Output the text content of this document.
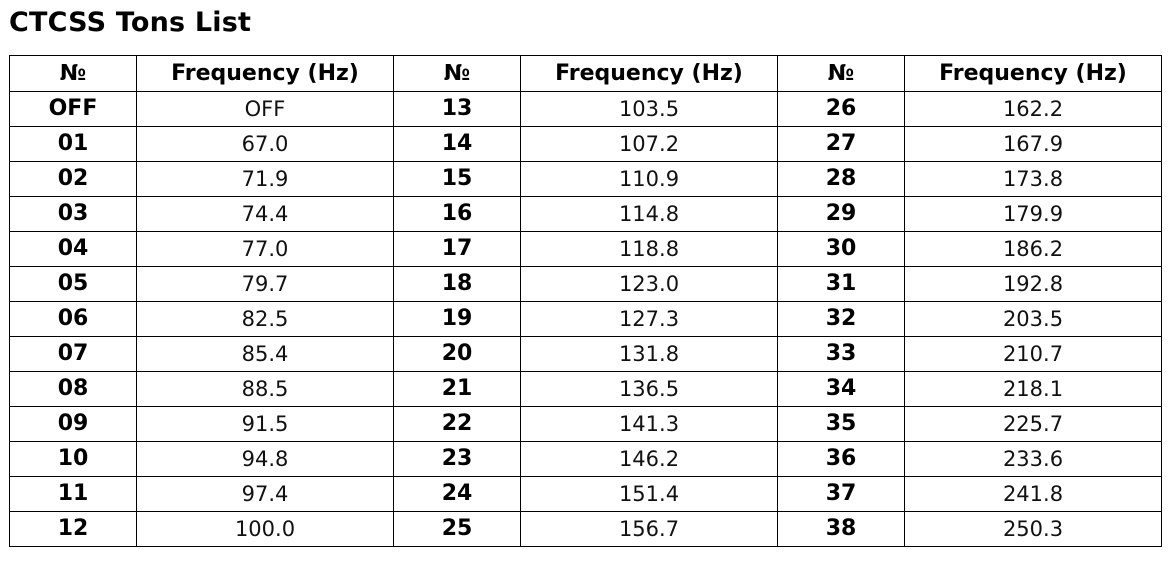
CTCSS Tons List
№	Frequency (Hz)	№	Frequency (Hz)	№	Frequency (Hz)
OFF	OFF	13	103.5	26	162.2
01	67.0	14	107.2	27	167.9
02	71.9	15	110.9	28	173.8
03	74.4	16	114.8	29	179.9
04	77.0	17	118.8	30	186.2
05	79.7	18	123.0	31	192.8
06	82.5	19	127.3	32	203.5
07	85.4	20	131.8	33	210.7
08	88.5	21	136.5	34	218.1
09	91.5	22	141.3	35	225.7
10	94.8	23	146.2	36	233.6
11	97.4	24	151.4	37	241.8
12	100.0	25	156.7	38	250.3
